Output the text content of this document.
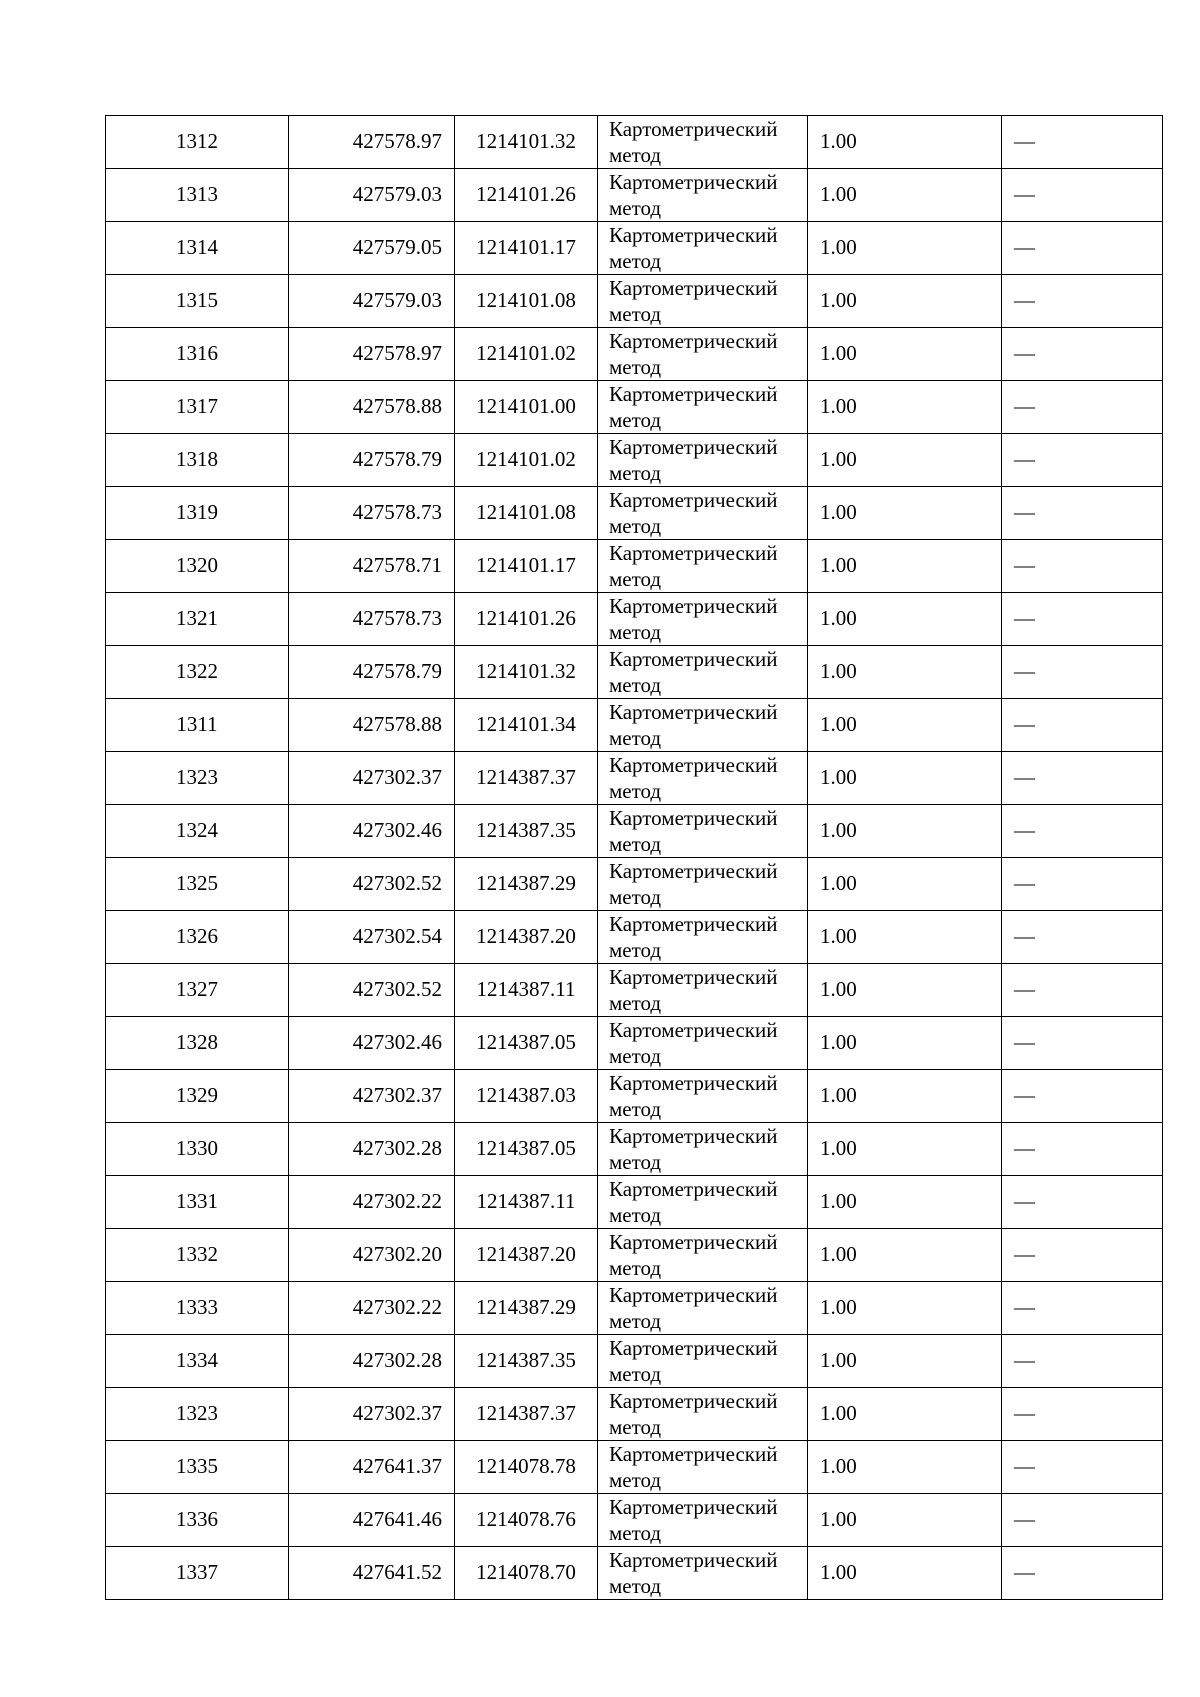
1312	427578.97	1214101.32	Картометрический метод	1.00	—
1313	427579.03	1214101.26	Картометрический метод	1.00	—
1314	427579.05	1214101.17	Картометрический метод	1.00	—
1315	427579.03	1214101.08	Картометрический метод	1.00	—
1316	427578.97	1214101.02	Картометрический метод	1.00	—
1317	427578.88	1214101.00	Картометрический метод	1.00	—
1318	427578.79	1214101.02	Картометрический метод	1.00	—
1319	427578.73	1214101.08	Картометрический метод	1.00	—
1320	427578.71	1214101.17	Картометрический метод	1.00	—
1321	427578.73	1214101.26	Картометрический метод	1.00	—
1322	427578.79	1214101.32	Картометрический метод	1.00	—
1311	427578.88	1214101.34	Картометрический метод	1.00	—
1323	427302.37	1214387.37	Картометрический метод	1.00	—
1324	427302.46	1214387.35	Картометрический метод	1.00	—
1325	427302.52	1214387.29	Картометрический метод	1.00	—
1326	427302.54	1214387.20	Картометрический метод	1.00	—
1327	427302.52	1214387.11	Картометрический метод	1.00	—
1328	427302.46	1214387.05	Картометрический метод	1.00	—
1329	427302.37	1214387.03	Картометрический метод	1.00	—
1330	427302.28	1214387.05	Картометрический метод	1.00	—
1331	427302.22	1214387.11	Картометрический метод	1.00	—
1332	427302.20	1214387.20	Картометрический метод	1.00	—
1333	427302.22	1214387.29	Картометрический метод	1.00	—
1334	427302.28	1214387.35	Картометрический метод	1.00	—
1323	427302.37	1214387.37	Картометрический метод	1.00	—
1335	427641.37	1214078.78	Картометрический метод	1.00	—
1336	427641.46	1214078.76	Картометрический метод	1.00	—
1337	427641.52	1214078.70	Картометрический метод	1.00	—
